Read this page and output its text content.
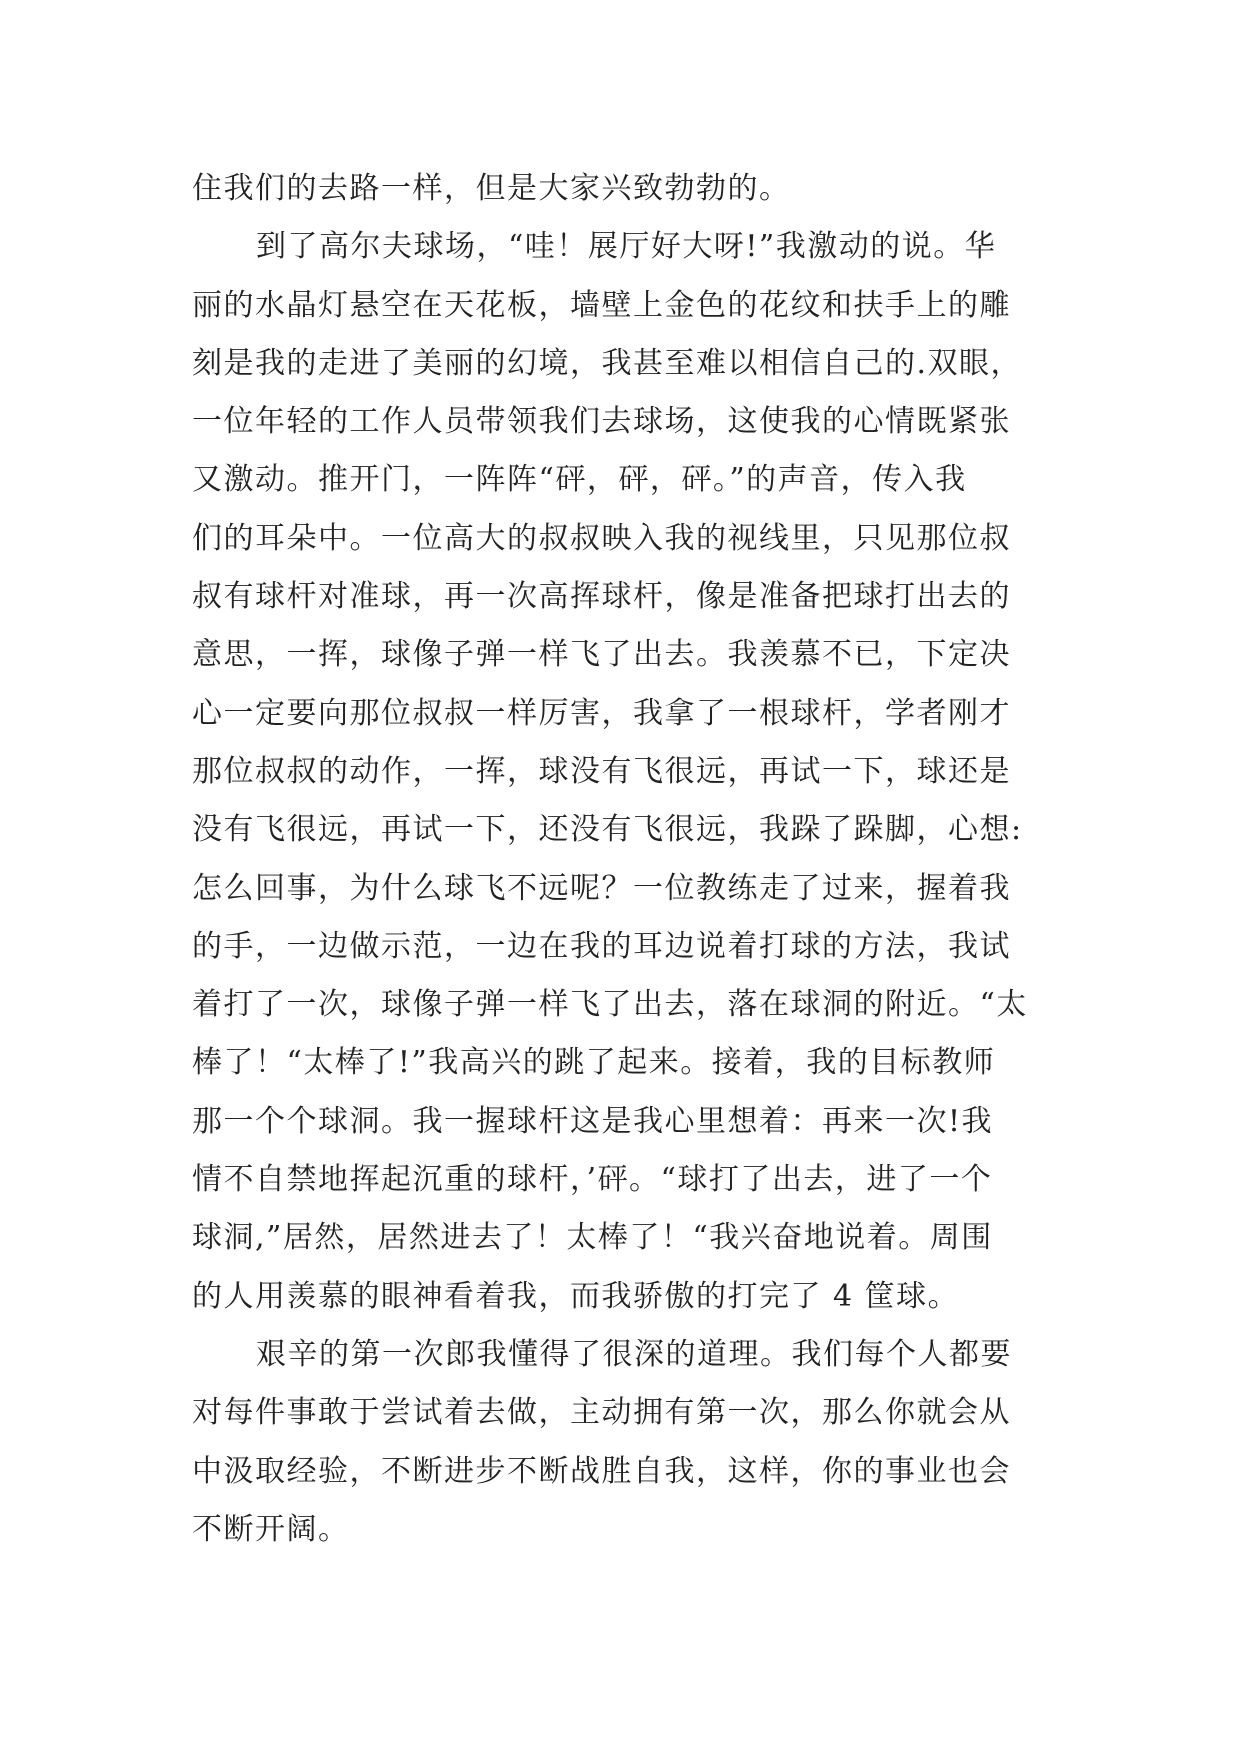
住我们的去路一样，但是大家兴致勃勃的。
到了高尔夫球场，“哇！展厅好大呀!”我激动的说。华
丽的水晶灯悬空在天花板，墙壁上金色的花纹和扶手上的雕
刻是我的走进了美丽的幻境，我甚至难以相信自己的.双眼，
一位年轻的工作人员带领我们去球场，这使我的心情既紧张
又激动。推开门，一阵阵“砰，砰，砰。”的声音，传入我
们的耳朵中。一位高大的叔叔映入我的视线里，只见那位叔
叔有球杆对准球，再一次高挥球杆，像是准备把球打出去的
意思，一挥，球像子弹一样飞了出去。我羡慕不已，下定决
心一定要向那位叔叔一样厉害，我拿了一根球杆，学者刚才
那位叔叔的动作，一挥，球没有飞很远，再试一下，球还是
没有飞很远，再试一下，还没有飞很远，我跺了跺脚，心想:
怎么回事，为什么球飞不远呢？一位教练走了过来，握着我
的手，一边做示范，一边在我的耳边说着打球的方法，我试
着打了一次，球像子弹一样飞了出去，落在球洞的附近。“太
棒了！“太棒了!”我高兴的跳了起来。接着，我的目标教师
那一个个球洞。我一握球杆这是我心里想着：再来一次!我
情不自禁地挥起沉重的球杆，’砰。“球打了出去，进了一个
球洞,”居然，居然进去了！太棒了！“我兴奋地说着。周围
的人用羡慕的眼神看着我，而我骄傲的打完了 4 筐球。
艰辛的第一次郎我懂得了很深的道理。我们每个人都要
对每件事敢于尝试着去做，主动拥有第一次，那么你就会从
中汲取经验，不断进步不断战胜自我，这样，你的事业也会
不断开阔。
